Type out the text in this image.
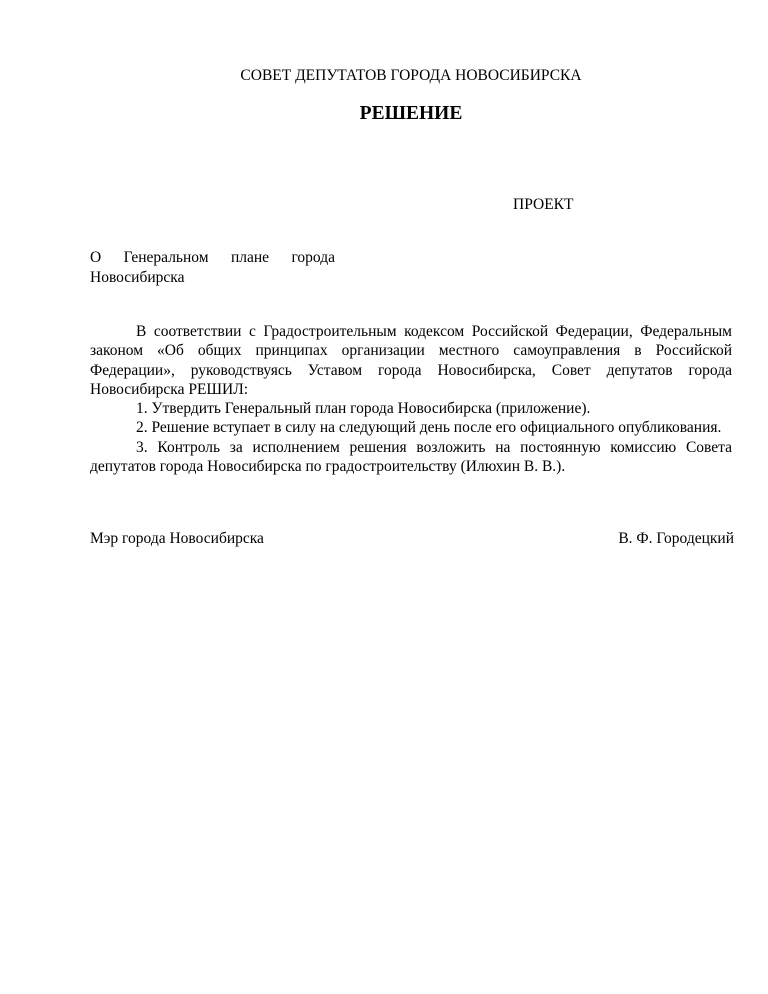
СОВЕТ ДЕПУТАТОВ ГОРОДА НОВОСИБИРСКА
РЕШЕНИЕ
ПРОЕКТ
О Генеральном плане города Новосибирска

В соответствии с Градостроительным кодексом Российской Федерации, Федеральным законом «Об общих принципах организации местного самоуправления в Российской Федерации», руководствуясь Уставом города Новосибирска, Совет депутатов города Новосибирска РЕШИЛ:

1. Утвердить Генеральный план города Новосибирска (приложение).

2. Решение вступает в силу на следующий день после его официального опубликования.

3. Контроль за исполнением решения возложить на постоянную комиссию Совета депутатов города Новосибирска по градостроительству (Илюхин В. В.).

Мэр города Новосибирска	В. Ф. Городецкий
